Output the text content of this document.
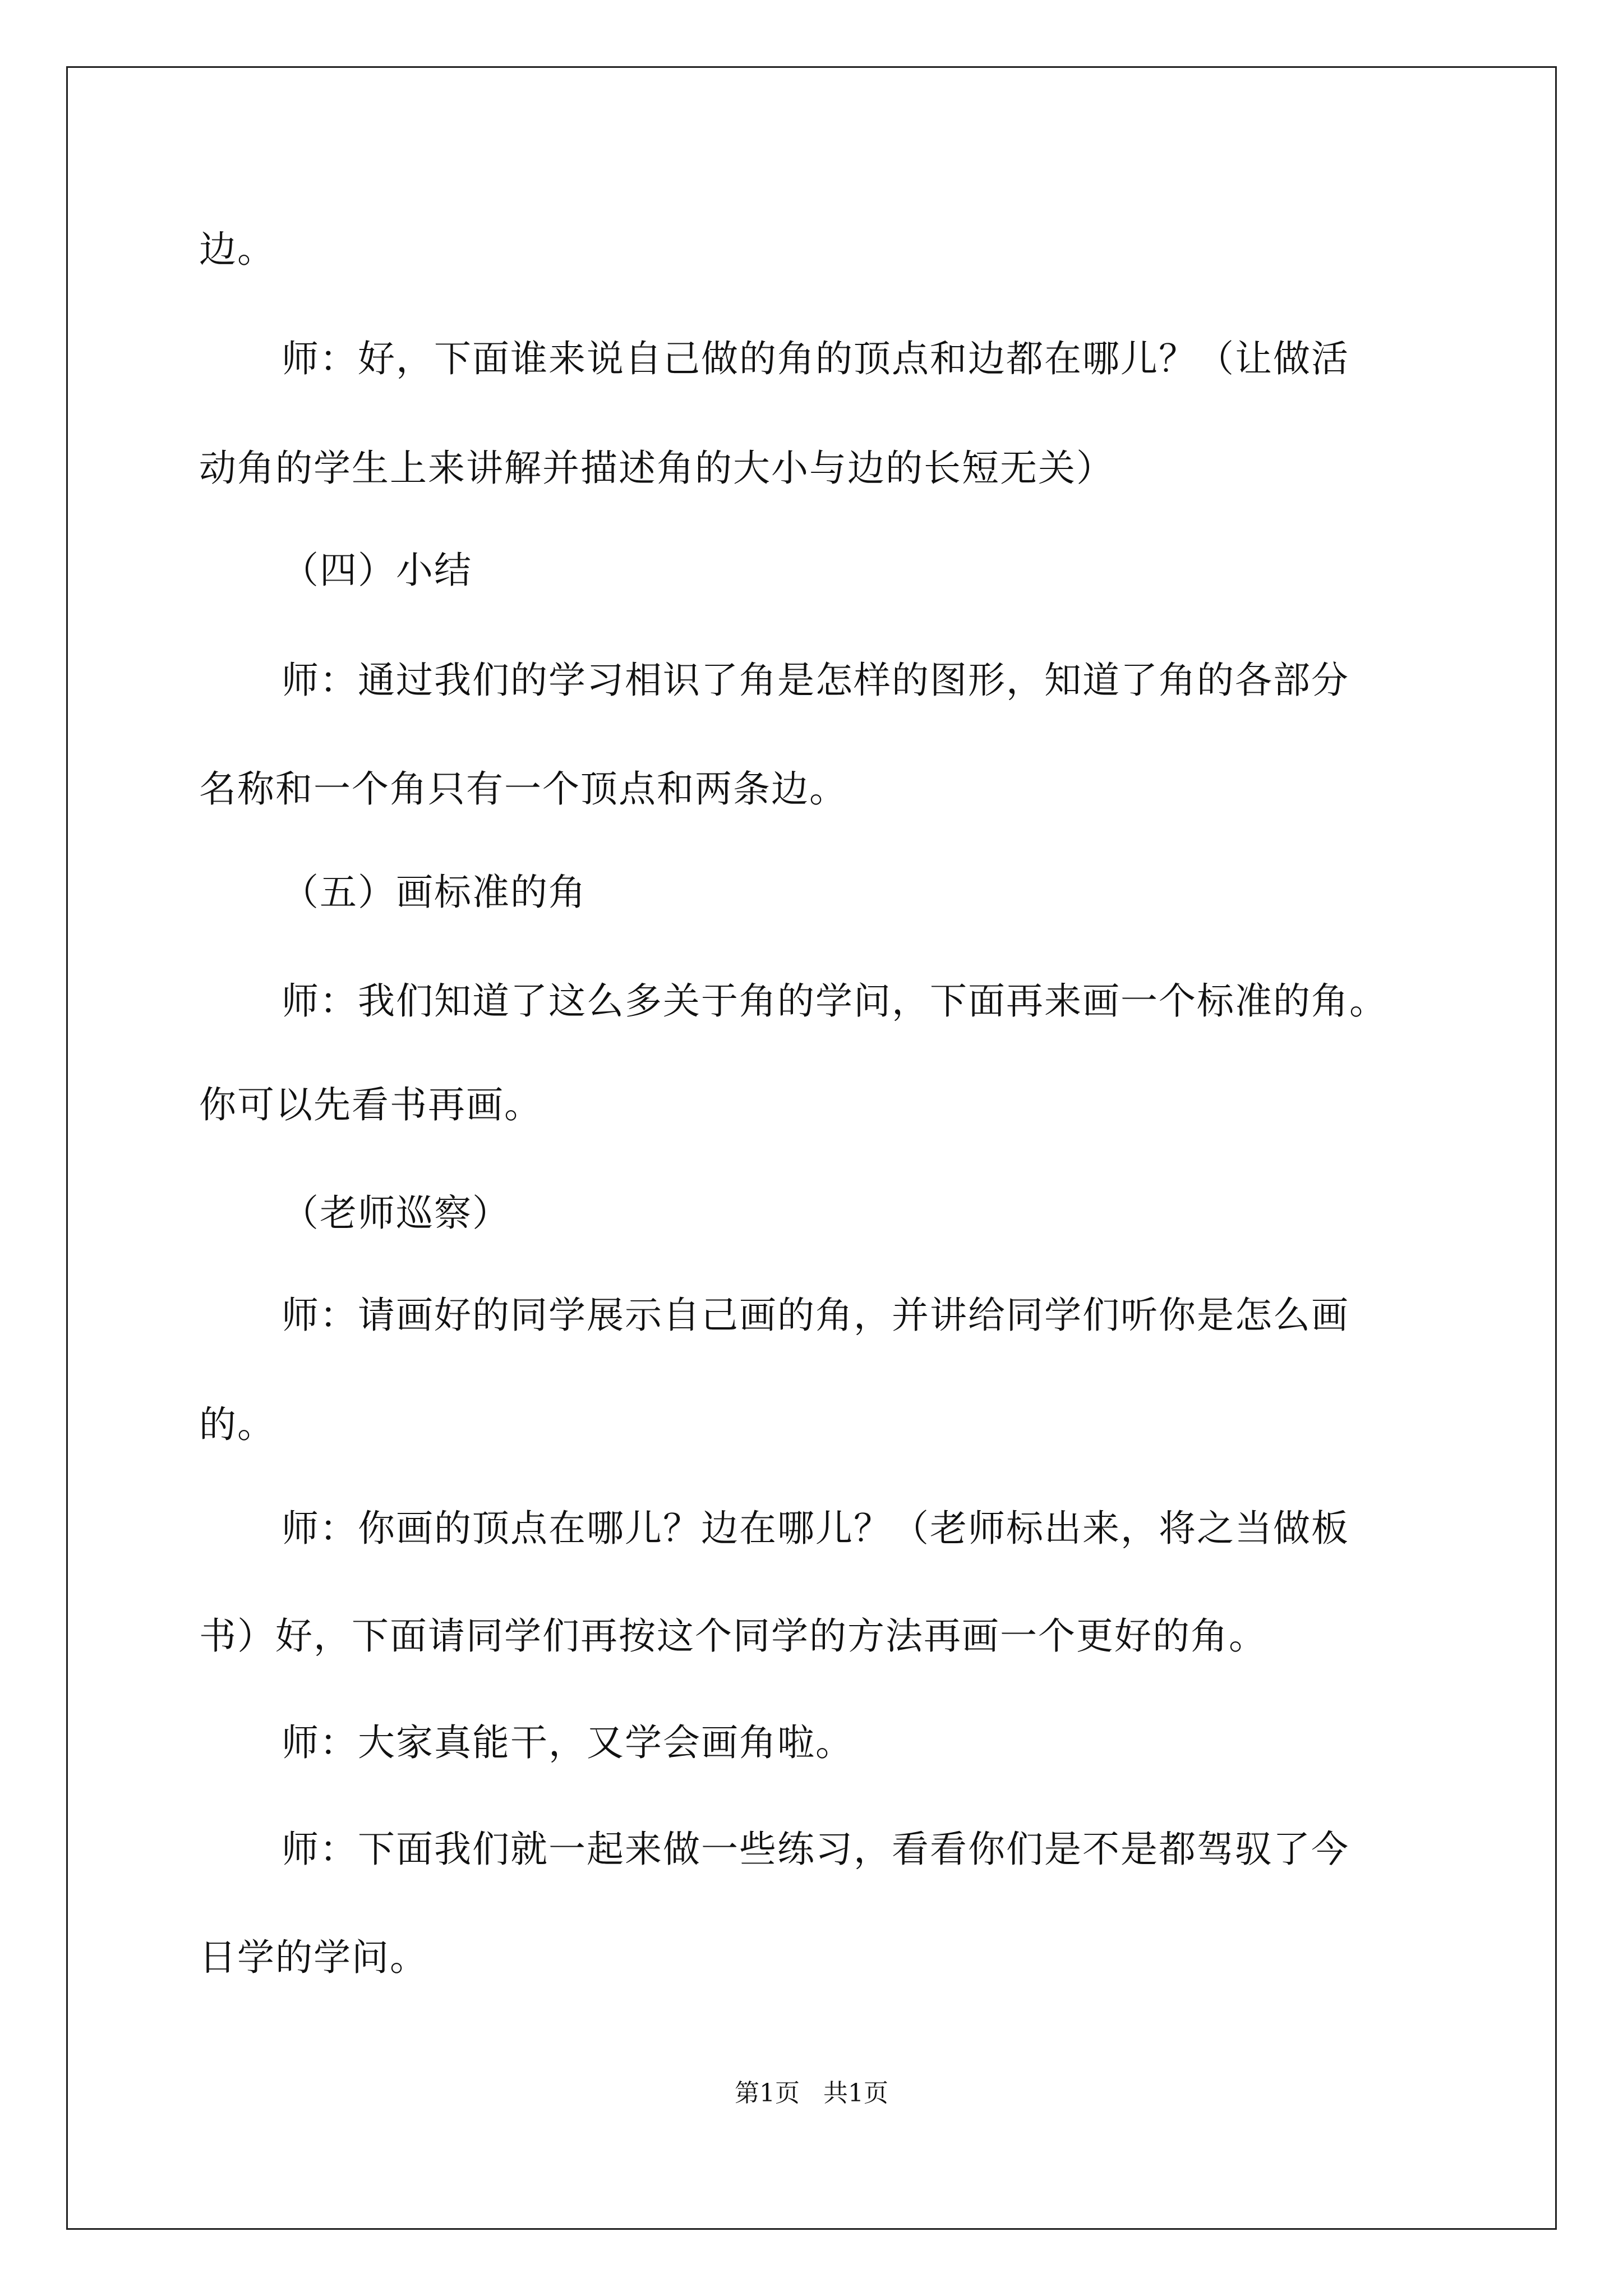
边。
师：好，下面谁来说自己做的角的顶点和边都在哪儿？（让做活
动角的学生上来讲解并描述角的大小与边的长短无关）
（四）小结
师：通过我们的学习相识了角是怎样的图形，知道了角的各部分
名称和一个角只有一个顶点和两条边。
（五）画标准的角
师：我们知道了这么多关于角的学问，下面再来画一个标准的角。
你可以先看书再画。
（老师巡察）
师：请画好的同学展示自己画的角，并讲给同学们听你是怎么画
的。
师：你画的顶点在哪儿？边在哪儿？（老师标出来，将之当做板
书）好，下面请同学们再按这个同学的方法再画一个更好的角。
师：大家真能干，又学会画角啦。
师：下面我们就一起来做一些练习，看看你们是不是都驾驭了今
日学的学问。
第1页   共1页
